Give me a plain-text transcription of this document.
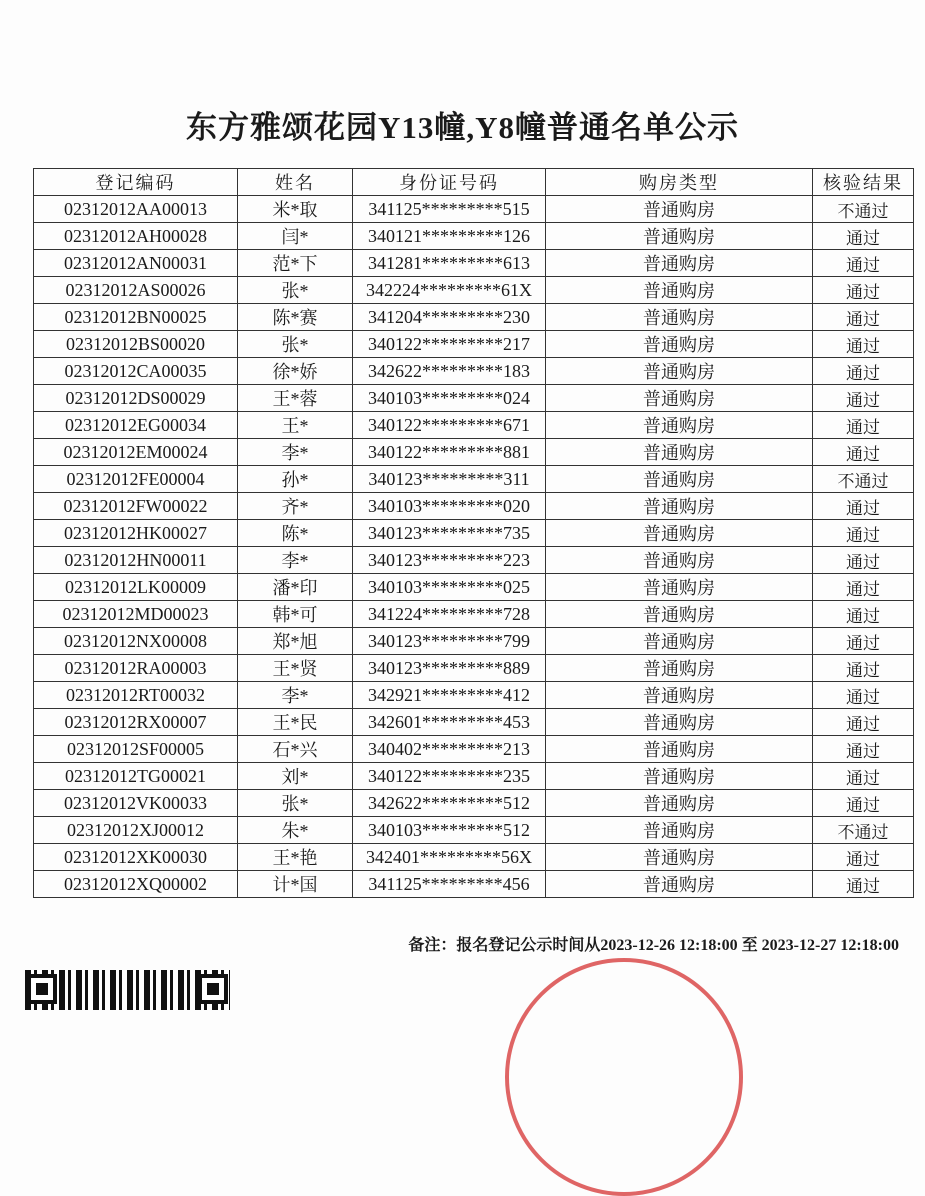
东方雅颂花园Y13幢,Y8幢普通名单公示
登记编码	姓名	身份证号码	购房类型	核验结果
02312012AA00013	米*取	341125*********515	普通购房	不通过
02312012AH00028	闫*	340121*********126	普通购房	通过
02312012AN00031	范*下	341281*********613	普通购房	通过
02312012AS00026	张*	342224*********61X	普通购房	通过
02312012BN00025	陈*赛	341204*********230	普通购房	通过
02312012BS00020	张*	340122*********217	普通购房	通过
02312012CA00035	徐*娇	342622*********183	普通购房	通过
02312012DS00029	王*蓉	340103*********024	普通购房	通过
02312012EG00034	王*	340122*********671	普通购房	通过
02312012EM00024	李*	340122*********881	普通购房	通过
02312012FE00004	孙*	340123*********311	普通购房	不通过
02312012FW00022	齐*	340103*********020	普通购房	通过
02312012HK00027	陈*	340123*********735	普通购房	通过
02312012HN00011	李*	340123*********223	普通购房	通过
02312012LK00009	潘*印	340103*********025	普通购房	通过
02312012MD00023	韩*可	341224*********728	普通购房	通过
02312012NX00008	郑*旭	340123*********799	普通购房	通过
02312012RA00003	王*贤	340123*********889	普通购房	通过
02312012RT00032	李*	342921*********412	普通购房	通过
02312012RX00007	王*民	342601*********453	普通购房	通过
02312012SF00005	石*兴	340402*********213	普通购房	通过
02312012TG00021	刘*	340122*********235	普通购房	通过
02312012VK00033	张*	342622*********512	普通购房	通过
02312012XJ00012	朱*	340103*********512	普通购房	不通过
02312012XK00030	王*艳	342401*********56X	普通购房	通过
02312012XQ00002	计*国	341125*********456	普通购房	通过
备注：报名登记公示时间从2023-12-26 12:18:00 至 2023-12-27 12:18:00
